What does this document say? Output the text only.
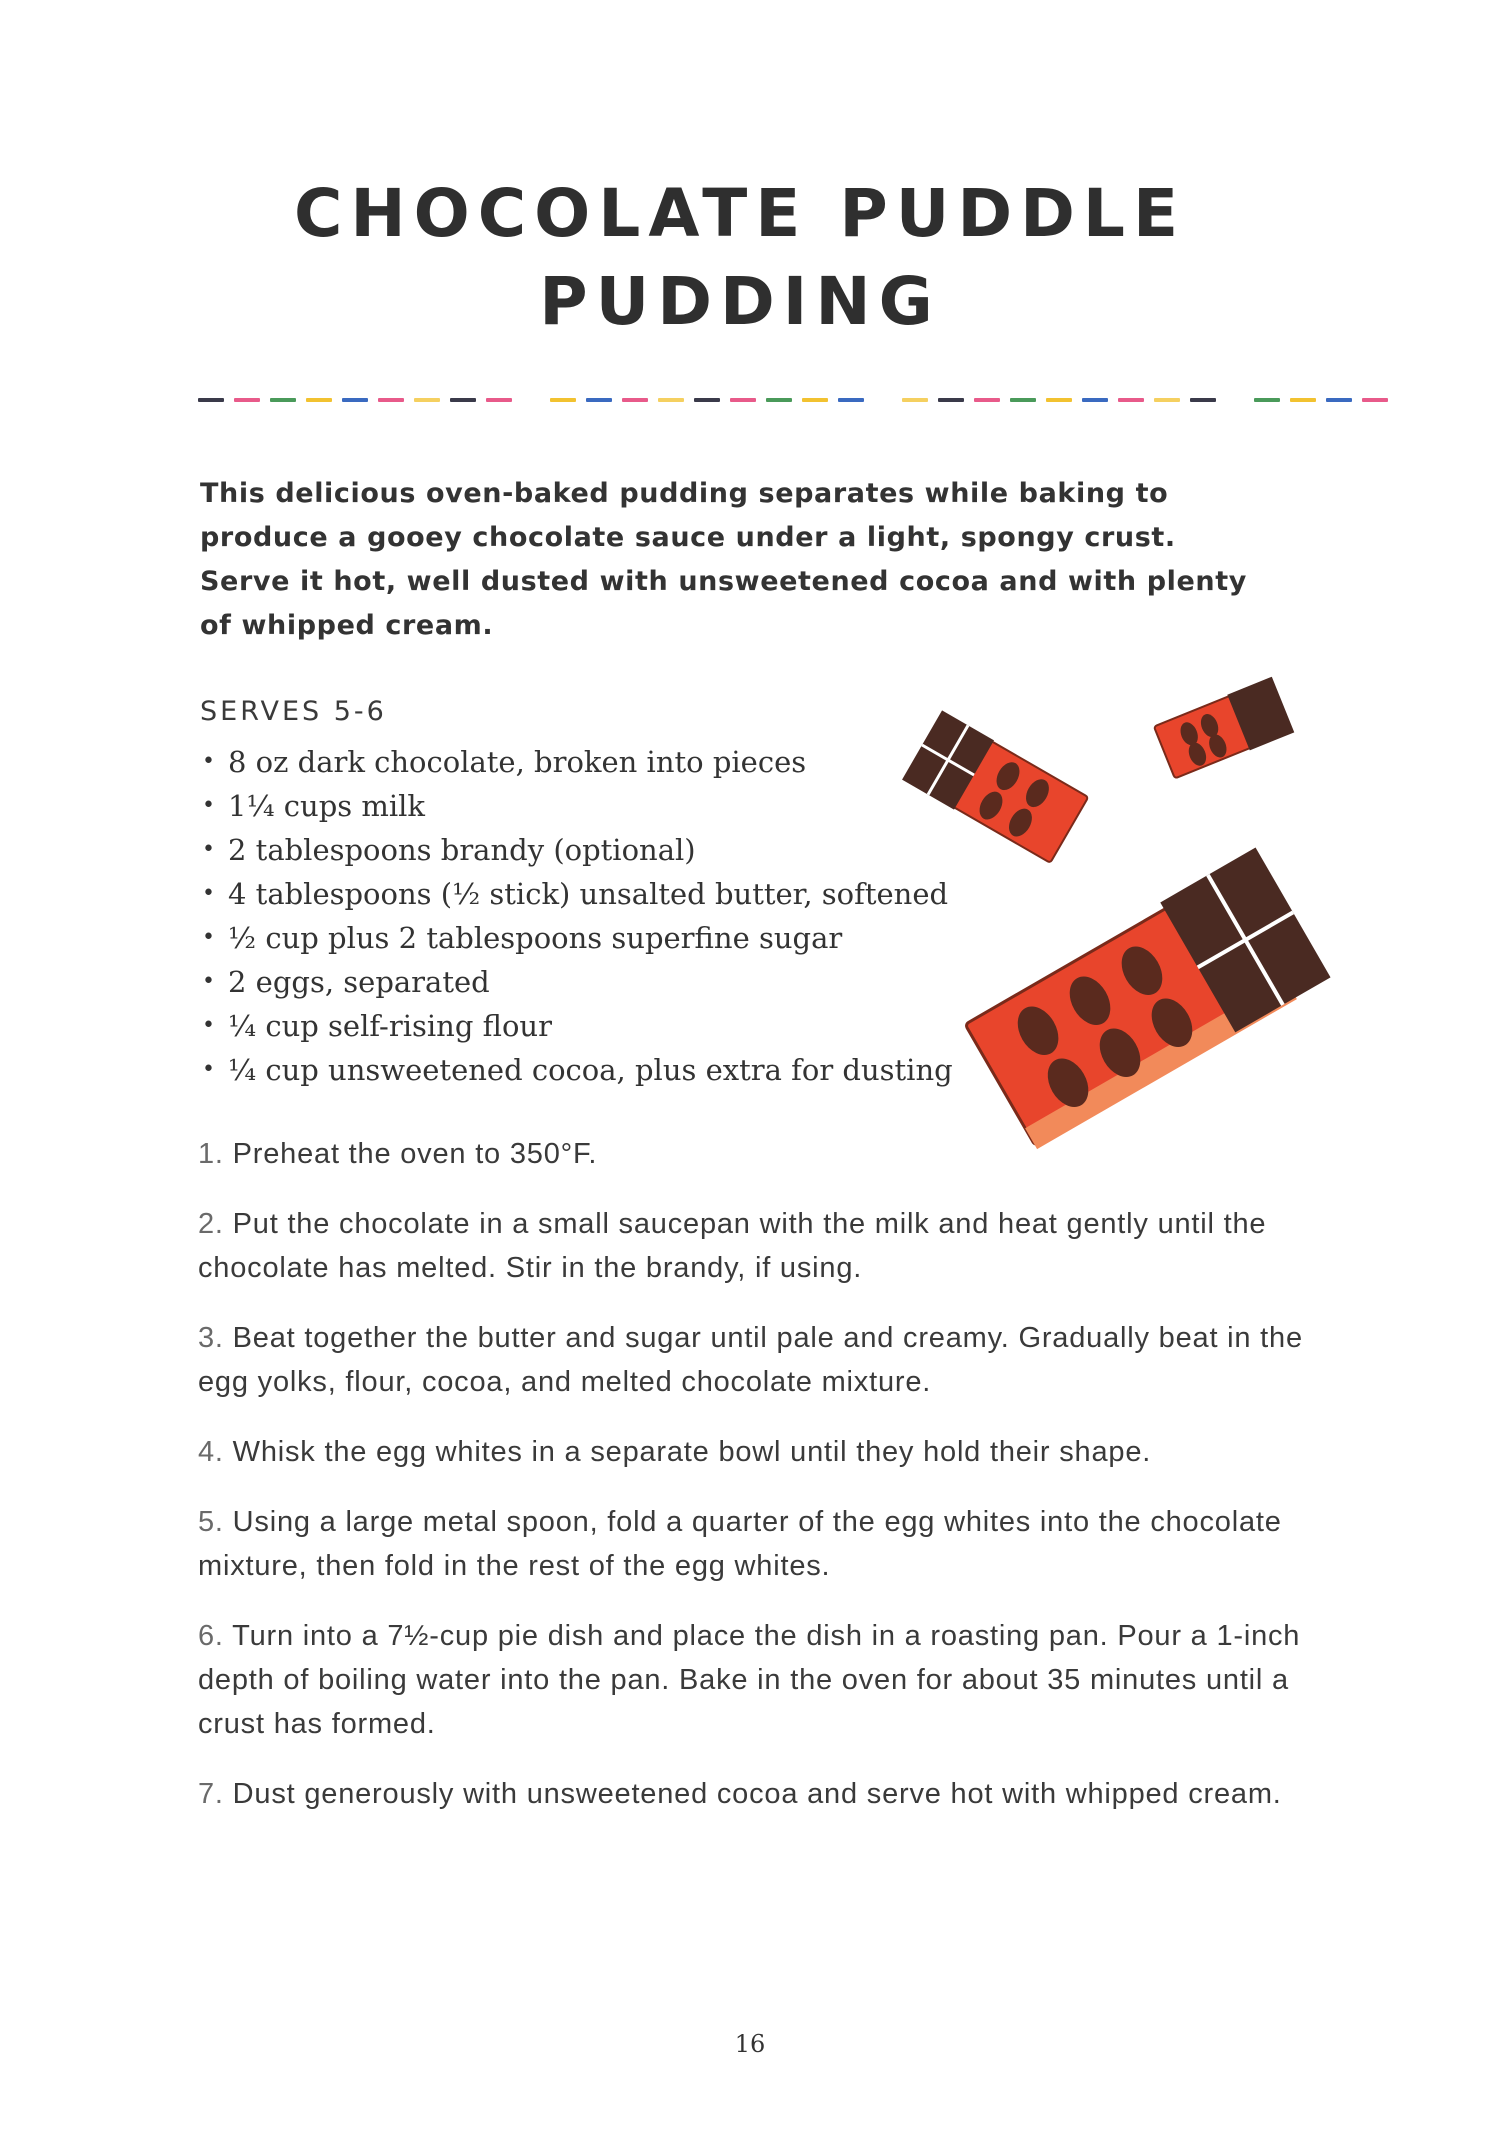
CHOCOLATE PUDDLE PUDDING

This delicious oven-baked pudding separates while baking to produce a gooey chocolate sauce under a light, spongy crust. Serve it hot, well dusted with unsweetened cocoa and with plenty of whipped cream.

SERVES 5-6

• 8 oz dark chocolate, broken into pieces
• 1¼ cups milk
• 2 tablespoons brandy (optional)
• 4 tablespoons (½ stick) unsalted butter, softened
• ½ cup plus 2 tablespoons superfine sugar
• 2 eggs, separated
• ¼ cup self-rising flour
• ¼ cup unsweetened cocoa, plus extra for dusting
1. Preheat the oven to 350°F.
2. Put the chocolate in a small saucepan with the milk and heat gently until the chocolate has melted. Stir in the brandy, if using.
3. Beat together the butter and sugar until pale and creamy. Gradually beat in the egg yolks, flour, cocoa, and melted chocolate mixture.
4. Whisk the egg whites in a separate bowl until they hold their shape.
5. Using a large metal spoon, fold a quarter of the egg whites into the chocolate mixture, then fold in the rest of the egg whites.
6. Turn into a 7½-cup pie dish and place the dish in a roasting pan. Pour a 1-inch depth of boiling water into the pan. Bake in the oven for about 35 minutes until a crust has formed.
7. Dust generously with unsweetened cocoa and serve hot with whipped cream.
16
